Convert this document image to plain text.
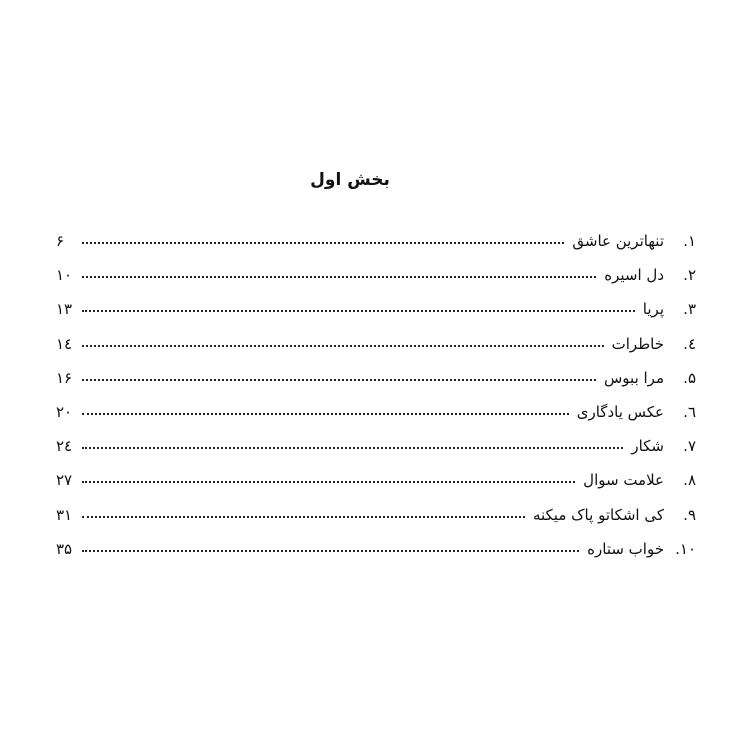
بخش اول
۱.
تنهاترین عاشق
۶
۲.
دل اسیره
۱۰
۳.
پریا
۱۳
٤.
خاطرات
١٤
۵.
مرا ببوس
۱۶
٦.
عکس یادگاری
۲۰
۷.
شکار
۲٤
۸.
علامت سوال
۲۷
۹.
کی اشکاتو پاک میکنه
۳۱
۱۰.
خواب ستاره
۳۵
